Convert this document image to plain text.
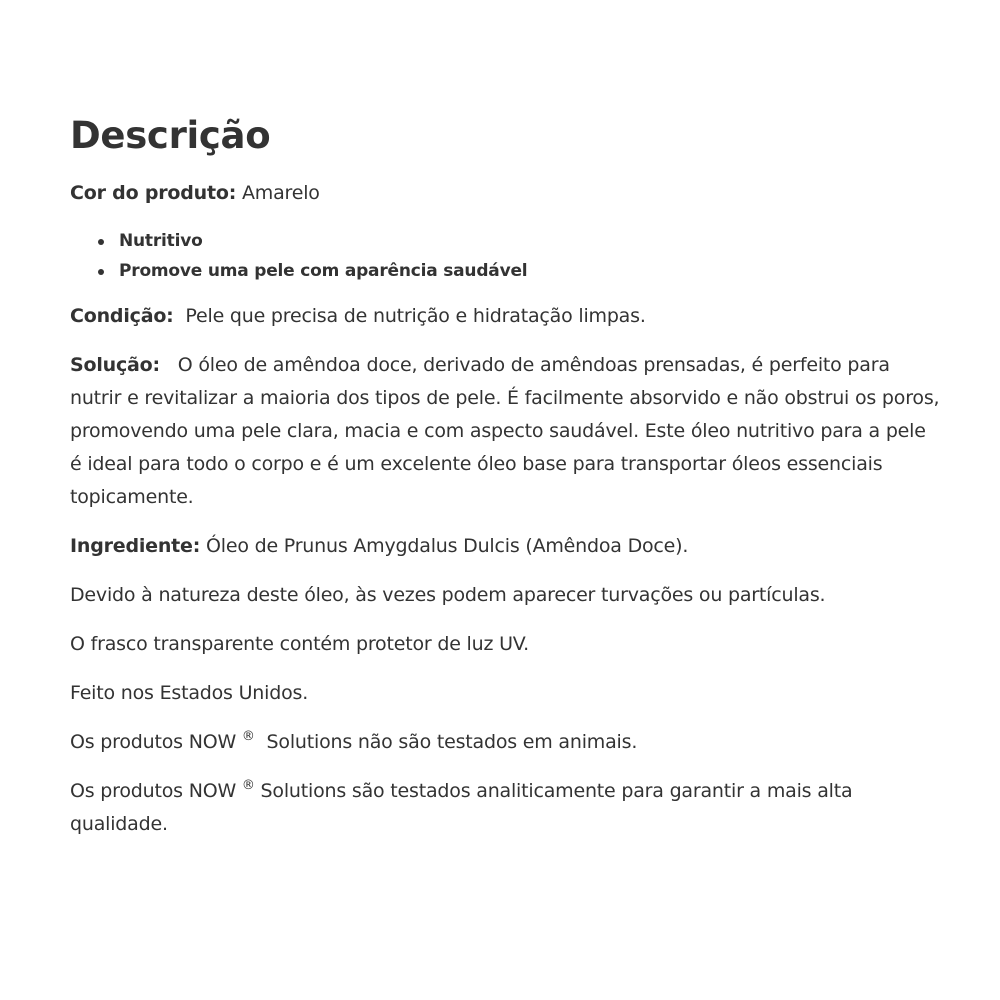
Descrição

Cor do produto: Amarelo

Nutritivo
Promove uma pele com aparência saudável

Condição: Pele que precisa de nutrição e hidratação limpas.

Solução: O óleo de amêndoa doce, derivado de amêndoas prensadas, é perfeito para nutrir e revitalizar a maioria dos tipos de pele. É facilmente absorvido e não obstrui os poros, promovendo uma pele clara, macia e com aspecto saudável. Este óleo nutritivo para a pele é ideal para todo o corpo e é um excelente óleo base para transportar óleos essenciais topicamente.

Ingrediente: Óleo de Prunus Amygdalus Dulcis (Amêndoa Doce).

Devido à natureza deste óleo, às vezes podem aparecer turvações ou partículas.

O frasco transparente contém protetor de luz UV.

Feito nos Estados Unidos.

Os produtos NOW ® Solutions não são testados em animais.

Os produtos NOW ® Solutions são testados analiticamente para garantir a mais alta qualidade.
